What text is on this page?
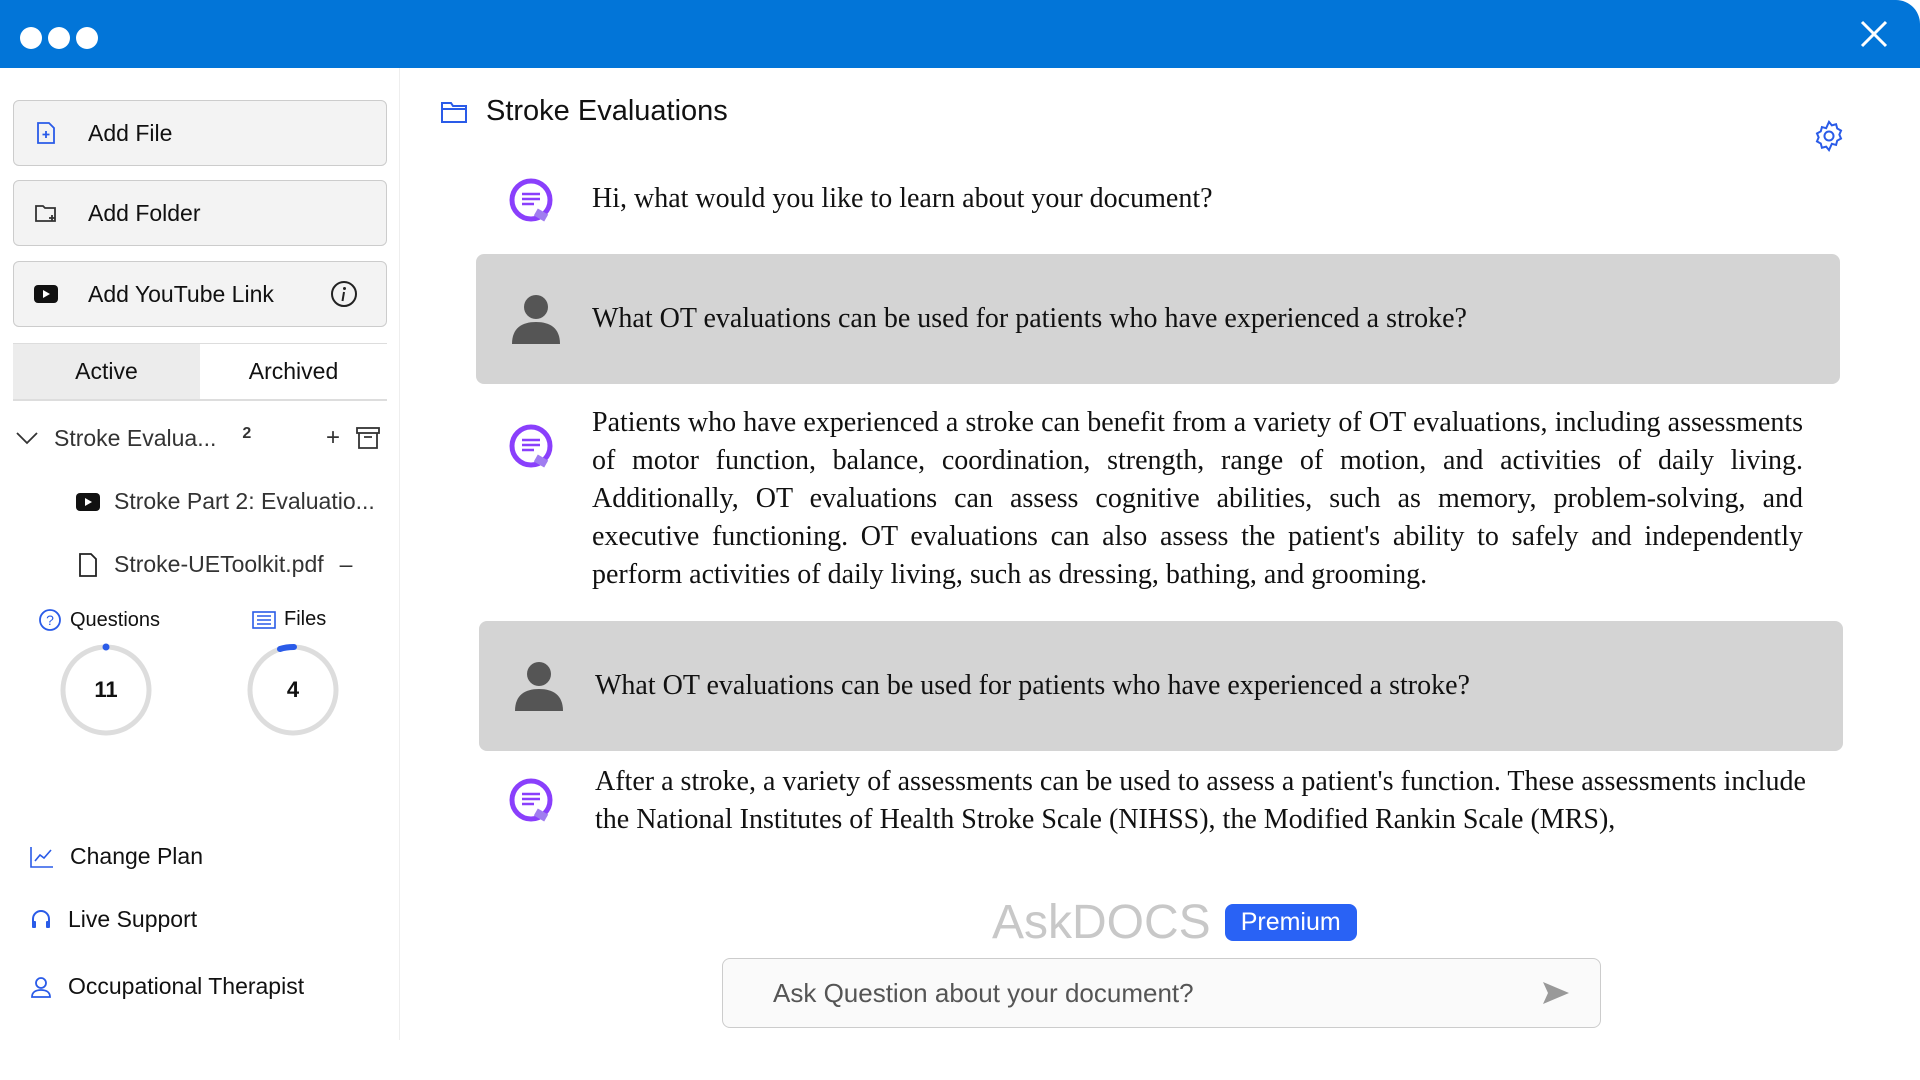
Add File
Add Folder
Add YouTube Link
Active	Archived
Stroke Evalua... 2	+
Stroke Part 2: Evaluatio...
Stroke-UEToolkit.pdf –
? Questions	Files
11	4
Change Plan
Live Support
Occupational Therapist
Stroke Evaluations
Hi, what would you like to learn about your document?
What OT evaluations can be used for patients who have experienced a stroke?
Patients who have experienced a stroke can benefit from a variety of OT evaluations, including assessments of motor function, balance, coordination, strength, range of motion, and activities of daily living. Additionally, OT evaluations can assess cognitive abilities, such as memory, problem-solving, and executive functioning. OT evaluations can also assess the patient's ability to safely and independently perform activities of daily living, such as dressing, bathing, and grooming.
What OT evaluations can be used for patients who have experienced a stroke?
After a stroke, a variety of assessments can be used to assess a patient's function. These assessments include the National Institutes of Health Stroke Scale (NIHSS), the Modified Rankin Scale (MRS),
AskDOCS	Premium
Ask Question about your document?
